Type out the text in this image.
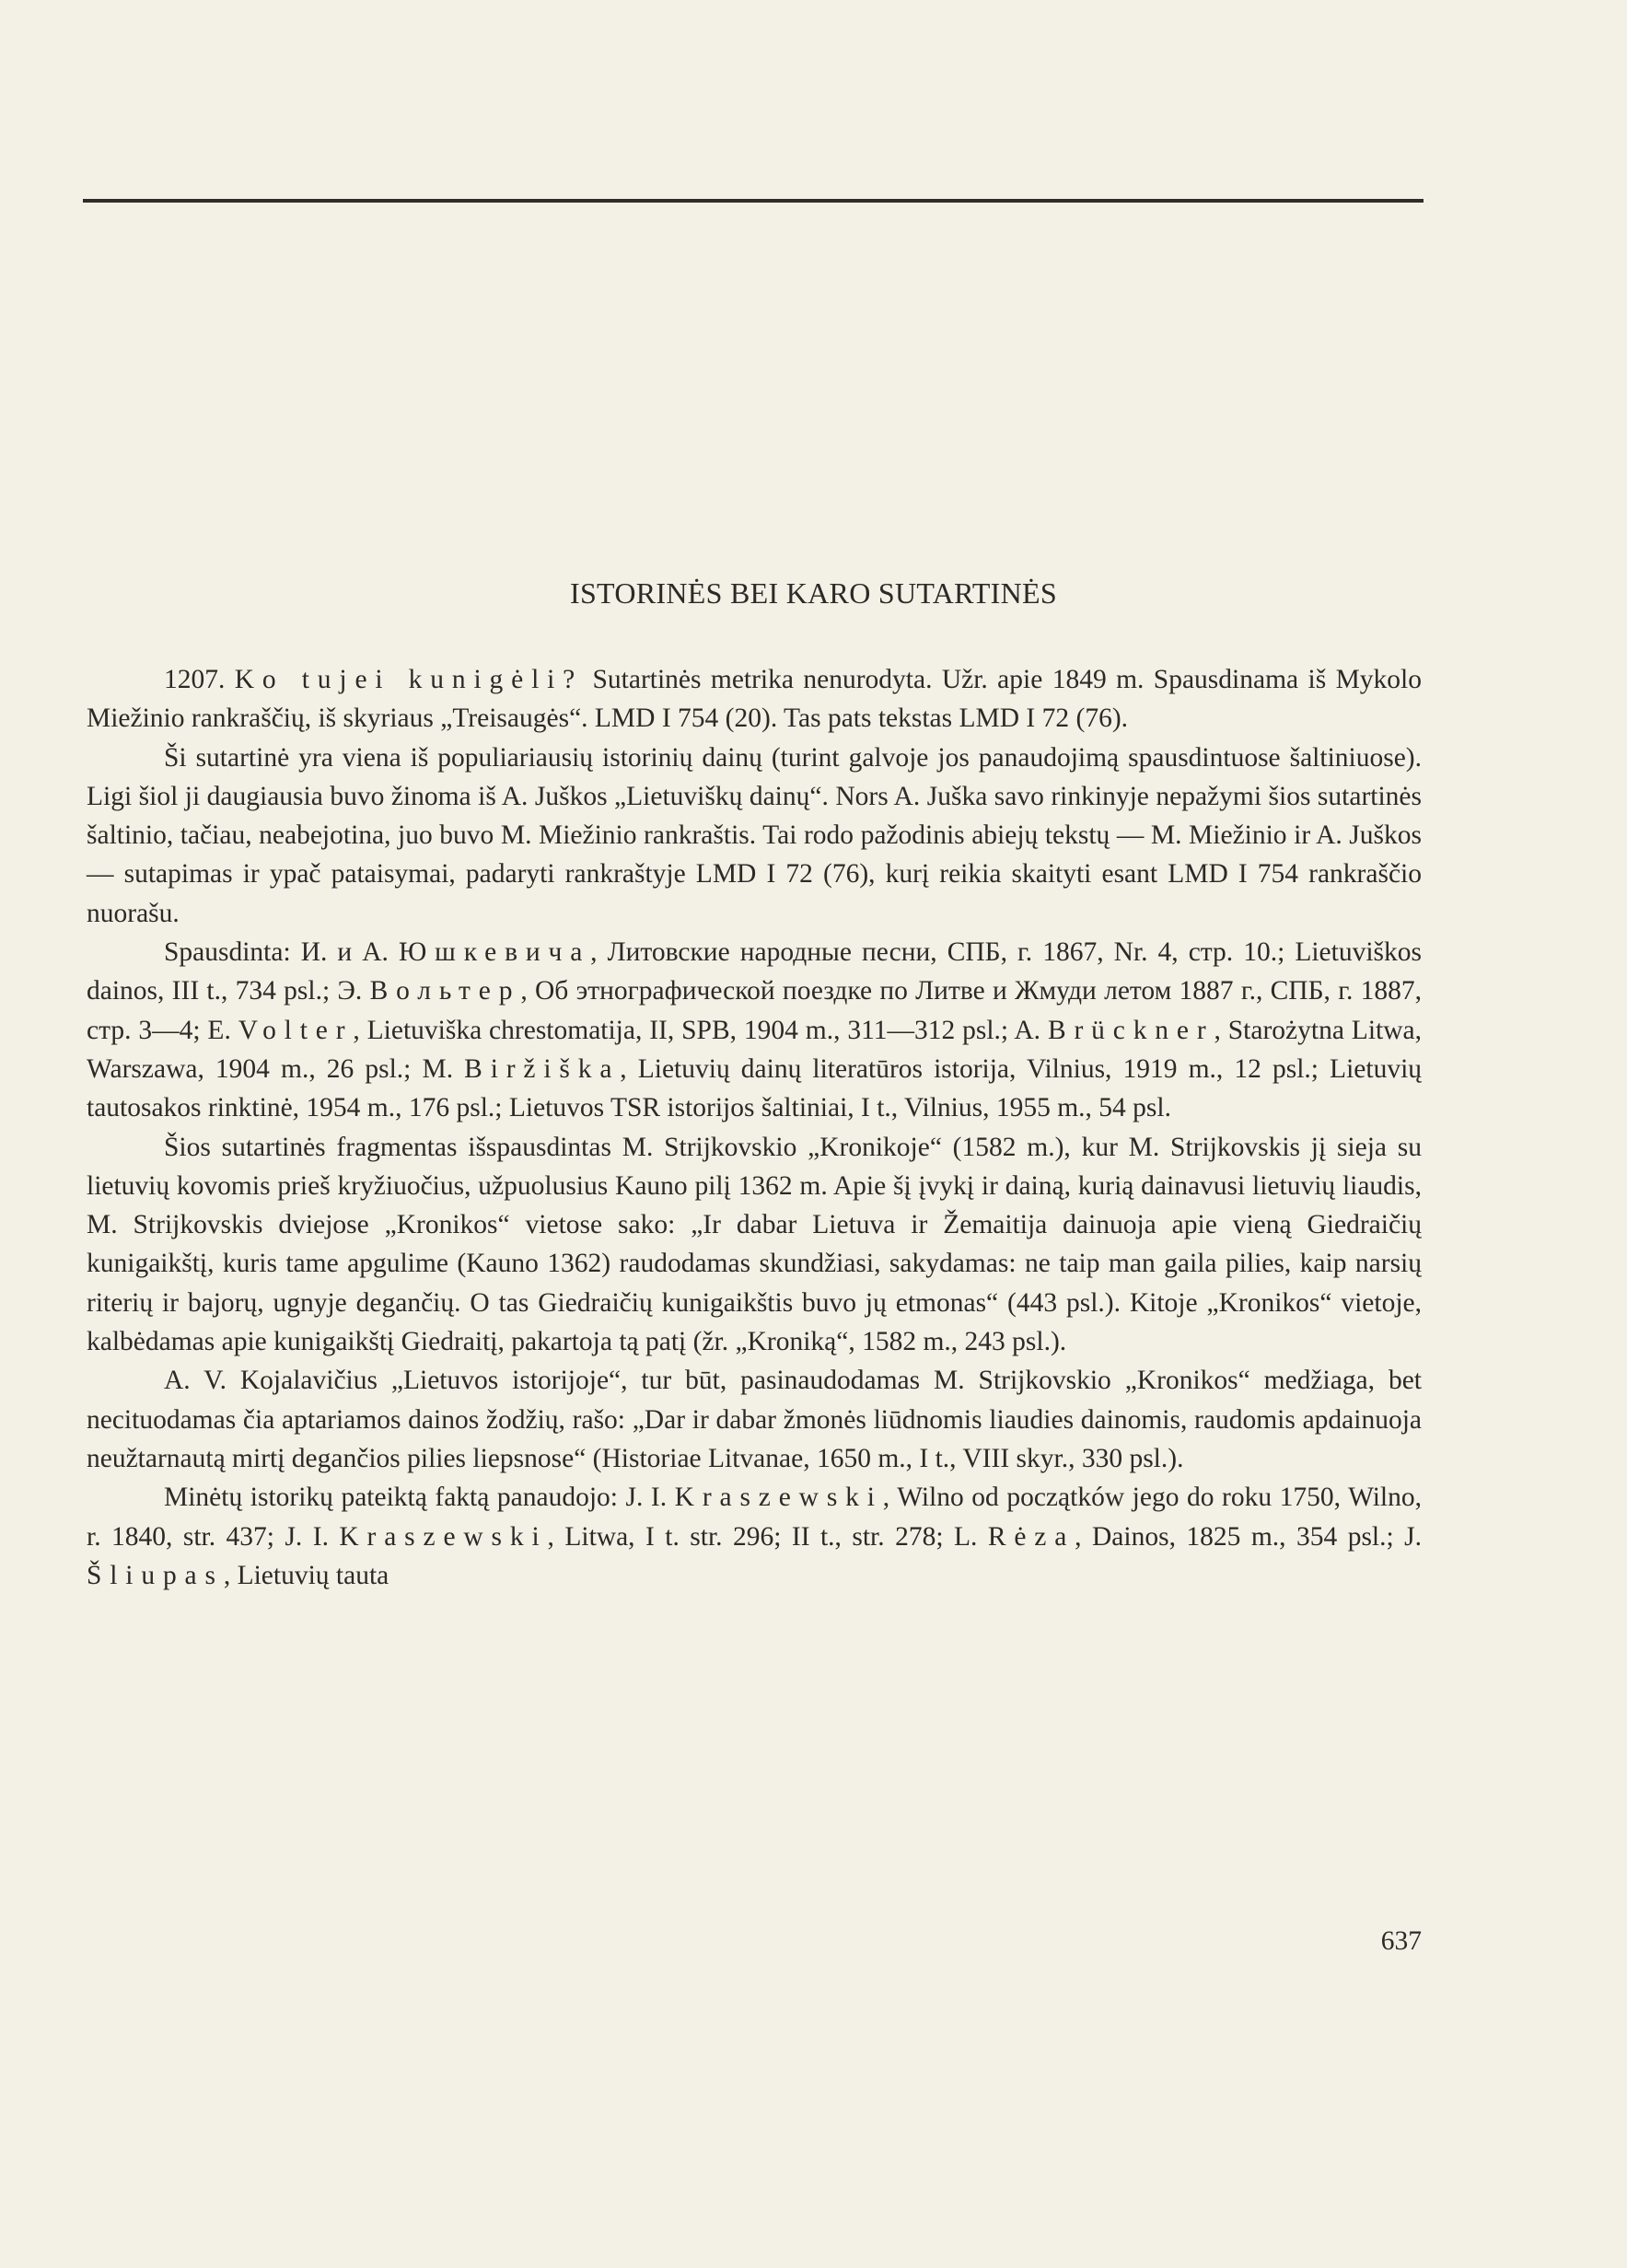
ISTORINĖS BEI KARO SUTARTINĖS

1207. Ko tujei kunigėli? Sutartinės metrika nenurodyta. Užr. apie 1849 m. Spausdinama iš Mykolo Miežinio rankraščių, iš skyriaus „Treisaugės“. LMD I 754 (20). Tas pats tekstas LMD I 72 (76).

Ši sutartinė yra viena iš populiariausių istorinių dainų (turint galvoje jos panaudojimą spausdintuose šaltiniuose). Ligi šiol ji daugiausia buvo žinoma iš A. Juškos „Lietuviškų dainų“. Nors A. Juška savo rinkinyje nepažymi šios sutartinės šaltinio, tačiau, neabejotina, juo buvo M. Miežinio rankraštis. Tai rodo pažodinis abiejų tekstų — M. Miežinio ir A. Juškos — sutapimas ir ypač pataisymai, padaryti rankraštyje LMD I 72 (76), kurį reikia skaityti esant LMD I 754 rankraščio nuorašu.

Spausdinta: И. и А. Юшкевича, Литовские народные песни, СПБ, г. 1867, Nr. 4, стр. 10.; Lietuviškos dainos, III t., 734 psl.; Э. Вольтер, Об этнографической поездке по Литве и Жмуди летом 1887 г., СПБ, г. 1887, стр. 3—4; E. Volter, Lietuviška chrestomatija, II, SPB, 1904 m., 311—312 psl.; A. Brückner, Starożytna Litwa, Warszawa, 1904 m., 26 psl.; M. Biržiška, Lietuvių dainų literatūros istorija, Vilnius, 1919 m., 12 psl.; Lietuvių tautosakos rinktinė, 1954 m., 176 psl.; Lietuvos TSR istorijos šaltiniai, I t., Vilnius, 1955 m., 54 psl.

Šios sutartinės fragmentas išspausdintas M. Strijkovskio „Kronikoje“ (1582 m.), kur M. Strijkovskis jį sieja su lietuvių kovomis prieš kryžiuočius, užpuolusius Kauno pilį 1362 m. Apie šį įvykį ir dainą, kurią dainavusi lietuvių liaudis, M. Strijkovskis dviejose „Kronikos“ vietose sako: „Ir dabar Lietuva ir Žemaitija dainuoja apie vieną Giedraičių kunigaikštį, kuris tame apgulime (Kauno 1362) raudodamas skundžiasi, sakydamas: ne taip man gaila pilies, kaip narsių riterių ir bajorų, ugnyje degančių. O tas Giedraičių kunigaikštis buvo jų etmonas“ (443 psl.). Kitoje „Kronikos“ vietoje, kalbėdamas apie kunigaikštį Giedraitį, pakartoja tą patį (žr. „Kroniką“, 1582 m., 243 psl.).

A. V. Kojalavičius „Lietuvos istorijoje“, tur būt, pasinaudodamas M. Strijkovskio „Kronikos“ medžiaga, bet necituodamas čia aptariamos dainos žodžių, rašo: „Dar ir dabar žmonės liūdnomis liaudies dainomis, raudomis apdainuoja neužtarnautą mirtį degančios pilies liepsnose“ (Historiae Litvanae, 1650 m., I t., VIII skyr., 330 psl.).

Minėtų istorikų pateiktą faktą panaudojo: J. I. Kraszewski, Wilno od początków jego do roku 1750, Wilno, r. 1840, str. 437; J. I. Kraszewski, Litwa, I t. str. 296; II t., str. 278; L. Rėza, Dainos, 1825 m., 354 psl.; J. Šliupas, Lietuvių tauta

637
